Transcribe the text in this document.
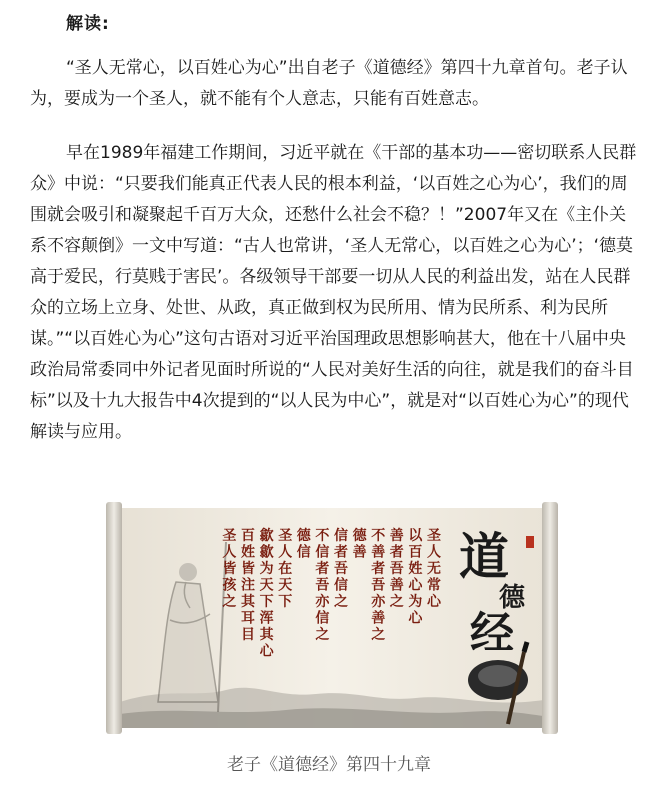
解读:

“圣人无常心，以百姓心为心”出自老子《道德经》第四十九章首句。老子认为，要成为一个圣人，就不能有个人意志，只能有百姓意志。

早在1989年福建工作期间，习近平就在《干部的基本功——密切联系人民群众》中说：“只要我们能真正代表人民的根本利益，‘以百姓之心为心’，我们的周围就会吸引和凝聚起千百万大众，还愁什么社会不稳？！”2007年又在《主仆关系不容颠倒》一文中写道：“古人也常讲，‘圣人无常心，以百姓之心为心’；‘德莫高于爱民，行莫贱于害民’。各级领导干部要一切从人民的利益出发，站在人民群众的立场上立身、处世、从政，真正做到权为民所用、情为民所系、利为民所谋。”“以百姓心为心”这句古语对习近平治国理政思想影响甚大，他在十八届中央政治局常委同中外记者见面时所说的“人民对美好生活的向往，就是我们的奋斗目标”以及十九大报告中4次提到的“以人民为中心”，就是对“以百姓心为心”的现代解读与应用。

圣
人
无
常
心
以
百
姓
心
为
心
善
者
吾
善
之
不
善
者
吾
亦
善
之
德
善
信
者
吾
信
之
不
信
者
吾
亦
信
之
德
信
圣
人
在
天
下
歙
歙
为
天
下
浑
其
心
百
姓
皆
注
其
耳
目
圣
人
皆
孩
之
道
德
经
老子《道德经》第四十九章
